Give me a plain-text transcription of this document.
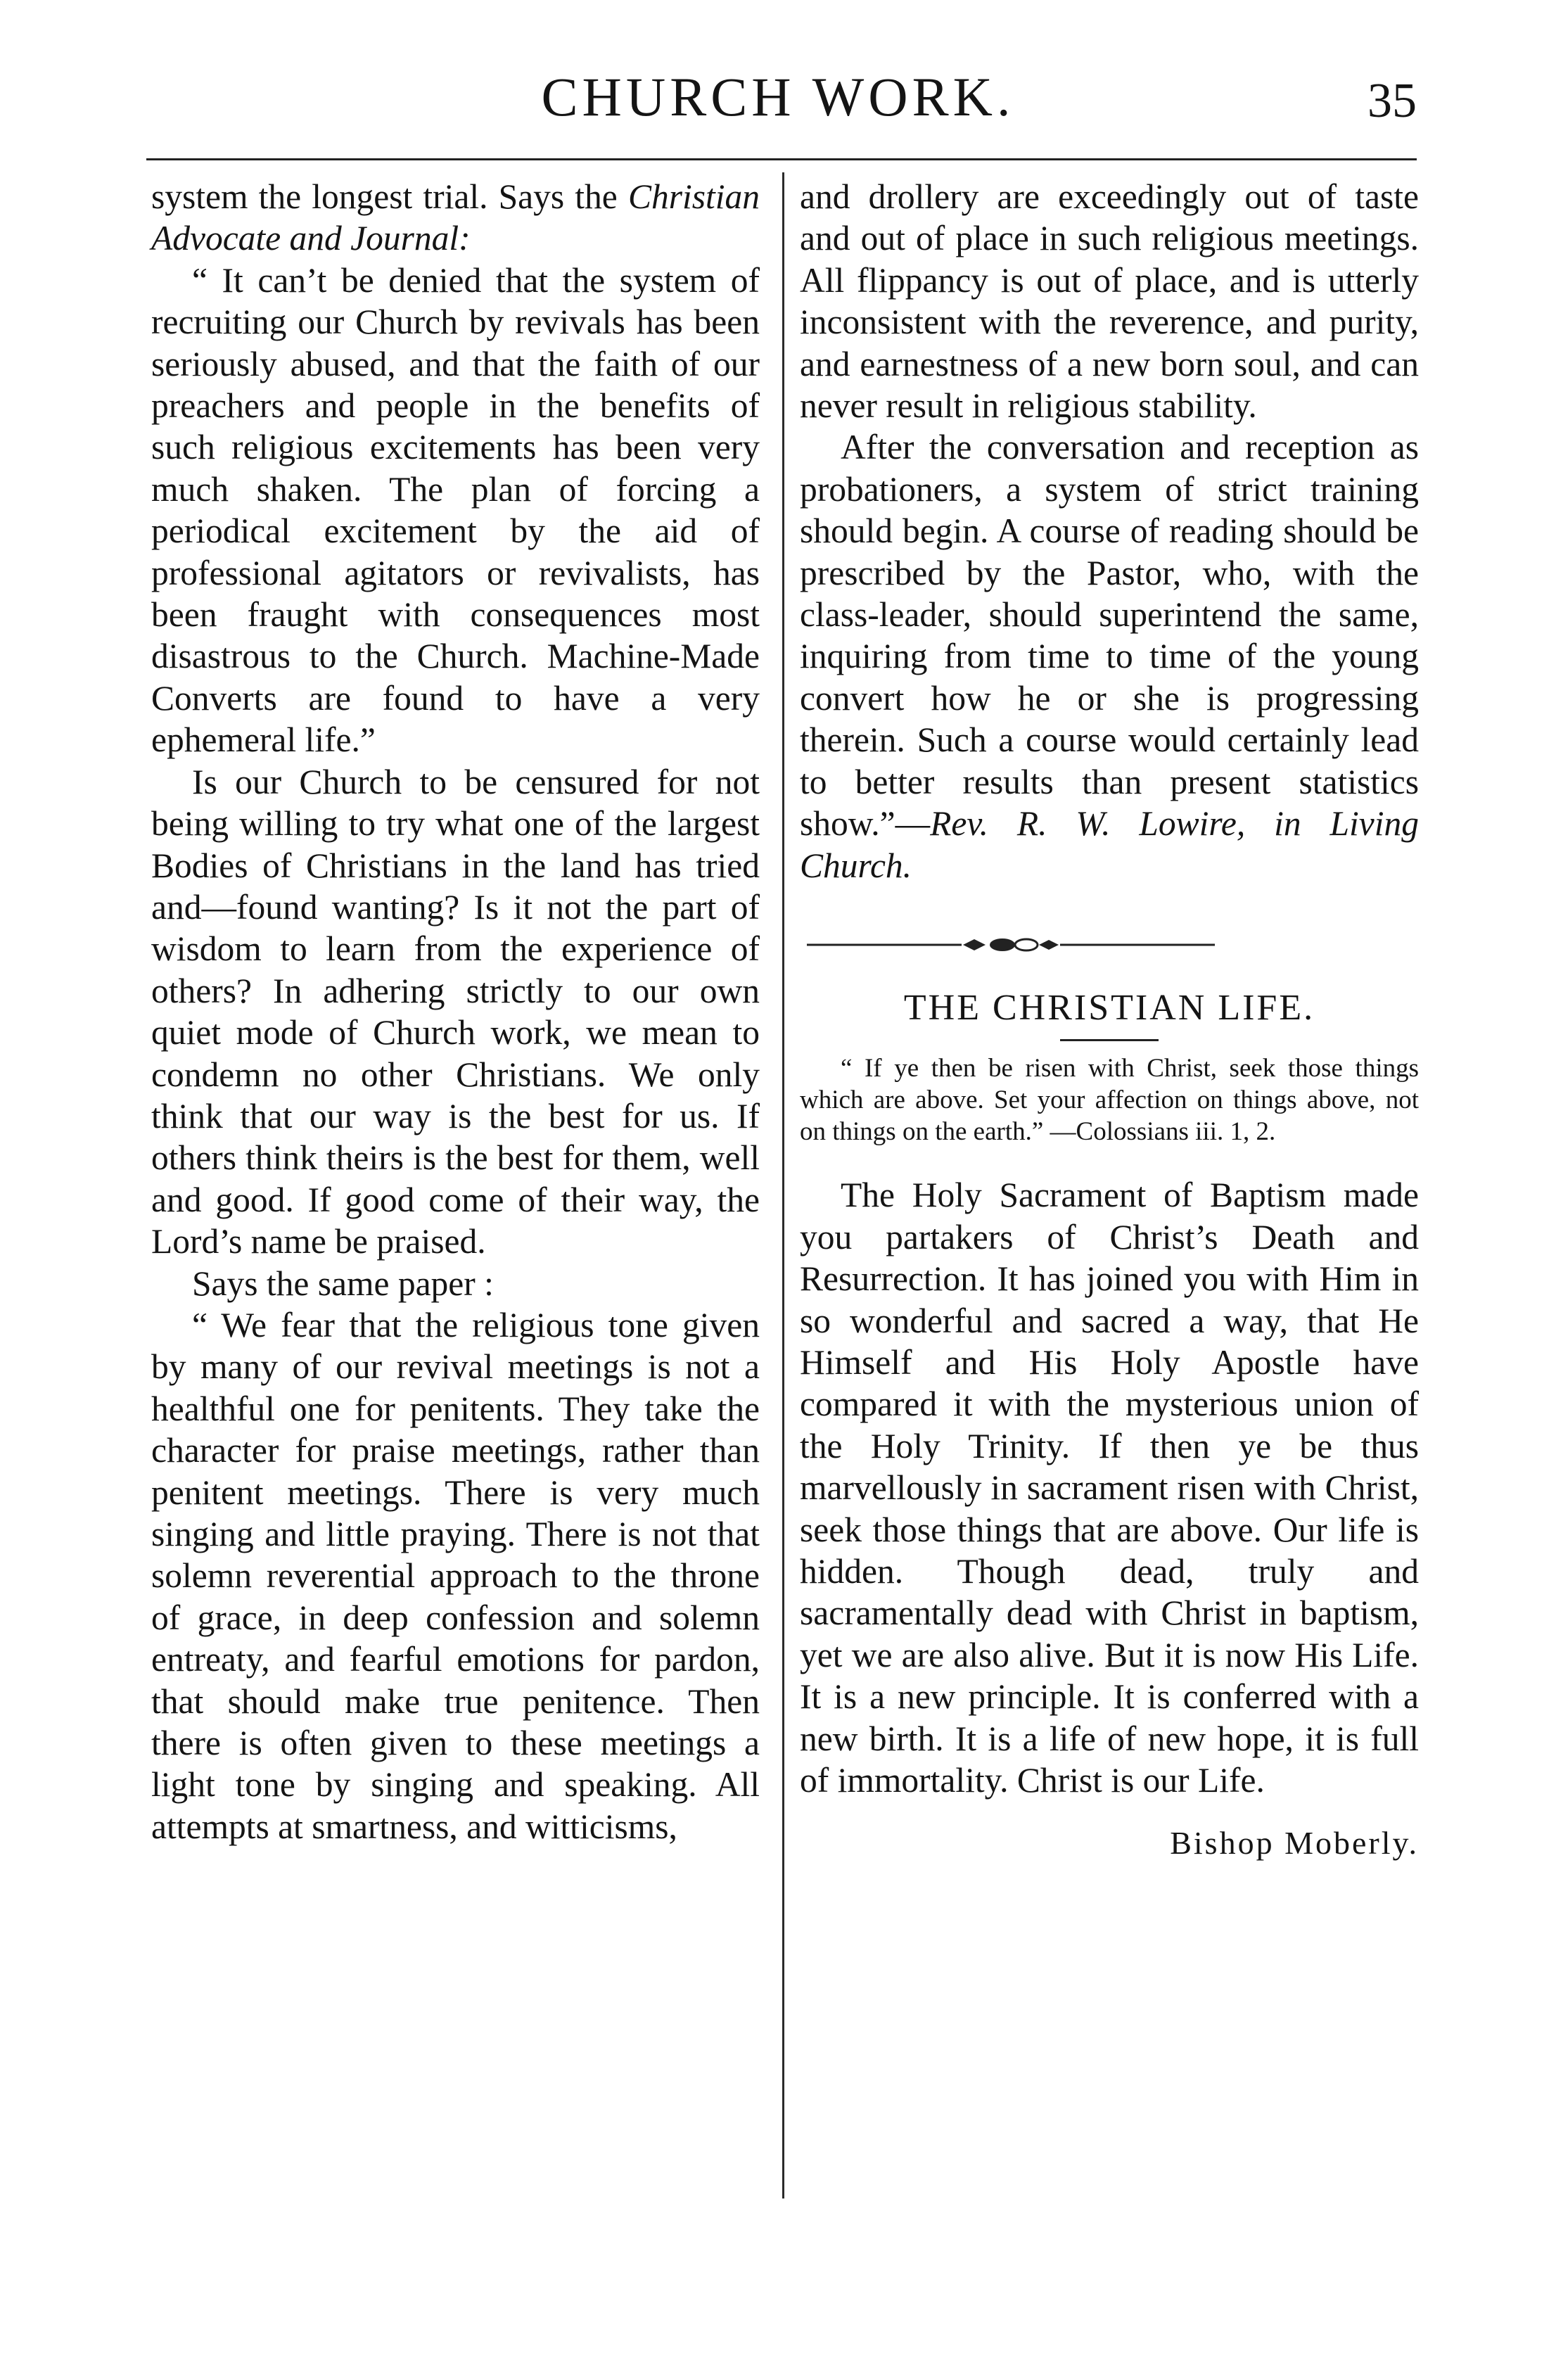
CHURCH WORK.	35

system the longest trial. Says the Christian Advocate and Journal:

“ It can’t be denied that the system of recruiting our Church by revivals has been seriously abused, and that the faith of our preachers and people in the benefits of such religious excitements has been very much shaken. The plan of forcing a periodical excitement by the aid of professional agitators or revivalists, has been fraught with consequences most disastrous to the Church. Machine-Made Converts are found to have a very ephemeral life.”

Is our Church to be censured for not being willing to try what one of the largest Bodies of Christians in the land has tried and—found wanting? Is it not the part of wisdom to learn from the experience of others? In adhering strictly to our own quiet mode of Church work, we mean to condemn no other Christians. We only think that our way is the best for us. If others think theirs is the best for them, well and good. If good come of their way, the Lord’s name be praised.

Says the same paper :

“ We fear that the religious tone given by many of our revival meetings is not a healthful one for penitents. They take the character for praise meetings, rather than penitent meetings. There is very much singing and little praying. There is not that solemn reverential approach to the throne of grace, in deep confession and solemn entreaty, and fearful emotions for pardon, that should make true penitence. Then there is often given to these meetings a light tone by singing and speaking. All attempts at smartness, and witticisms,

and drollery are exceedingly out of taste and out of place in such religious meetings. All flippancy is out of place, and is utterly inconsistent with the reverence, and purity, and earnestness of a new born soul, and can never result in religious stability.

After the conversation and reception as probationers, a system of strict training should begin. A course of reading should be prescribed by the Pastor, who, with the class-leader, should superintend the same, inquiring from time to time of the young convert how he or she is progressing therein. Such a course would certainly lead to better results than present statistics show.”—Rev. R. W. Lowire, in Living Church.

THE CHRISTIAN LIFE.

“ If ye then be risen with Christ, seek those things which are above. Set your affection on things above, not on things on the earth.” —Colossians iii. 1, 2.

The Holy Sacrament of Baptism made you partakers of Christ’s Death and Resurrection. It has joined you with Him in so wonderful and sacred a way, that He Himself and His Holy Apostle have compared it with the mysterious union of the Holy Trinity. If then ye be thus marvellously in sacrament risen with Christ, seek those things that are above. Our life is hidden. Though dead, truly and sacramentally dead with Christ in baptism, yet we are also alive. But it is now His Life. It is a new principle. It is conferred with a new birth. It is a life of new hope, it is full of immortality. Christ is our Life.

Bishop Moberly.
